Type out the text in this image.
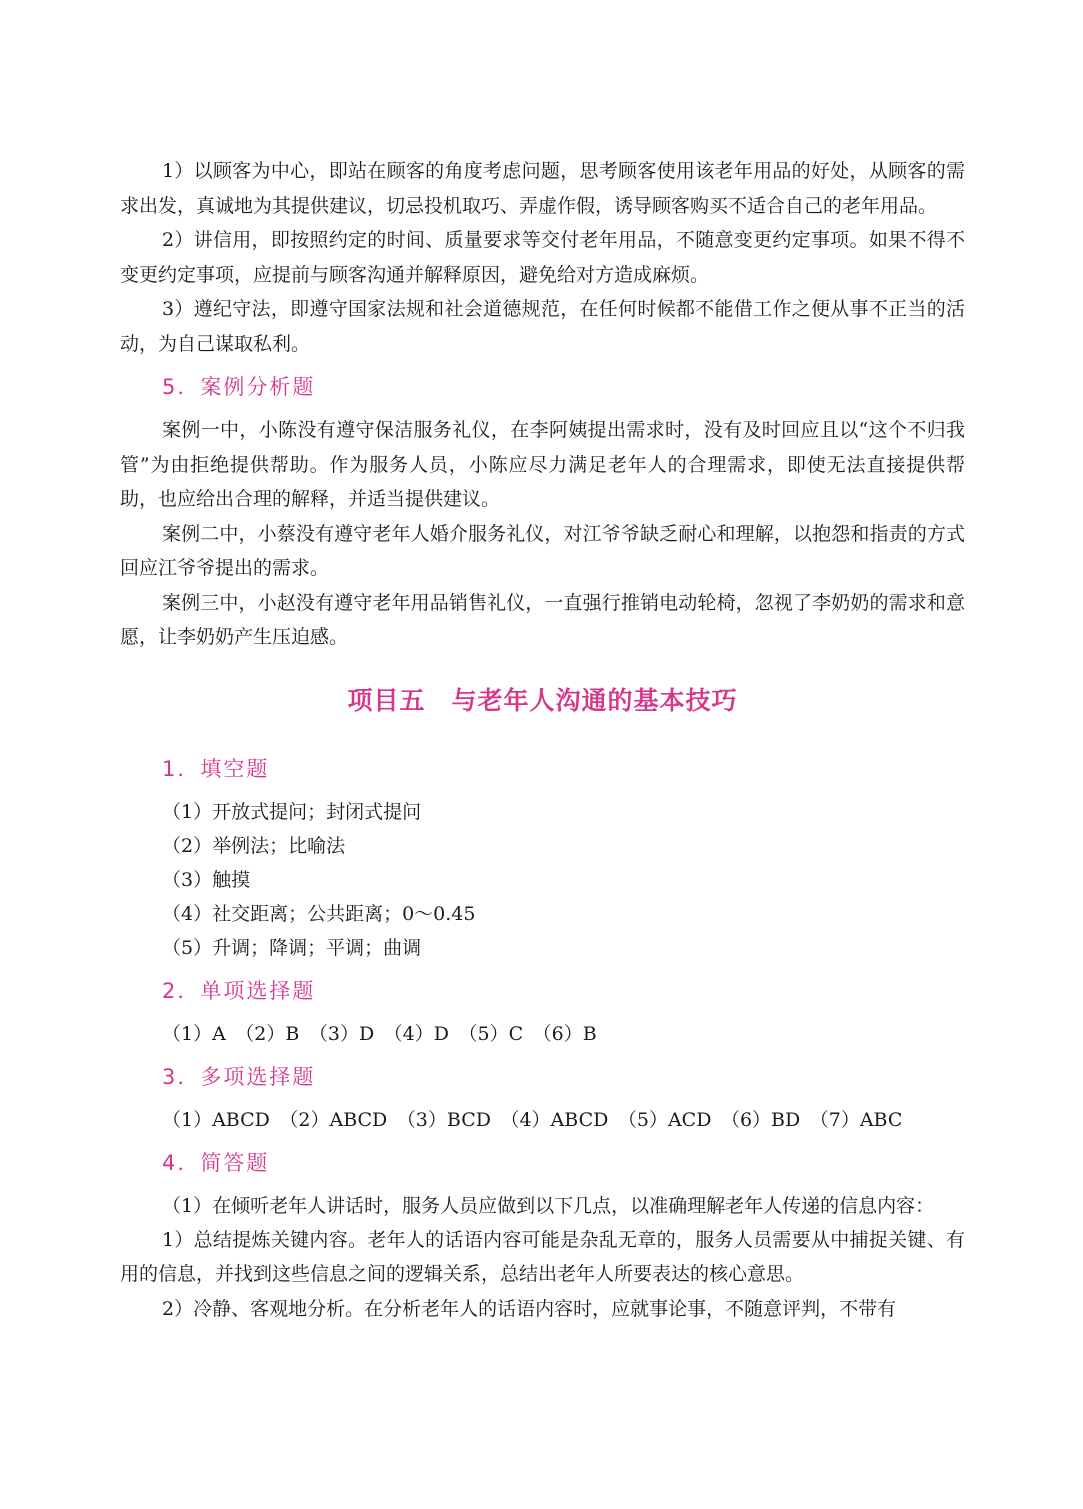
1）以顾客为中心，即站在顾客的角度考虑问题，思考顾客使用该老年用品的好处，从顾客的需求出发，真诚地为其提供建议，切忌投机取巧、弄虚作假，诱导顾客购买不适合自己的老年用品。

2）讲信用，即按照约定的时间、质量要求等交付老年用品，不随意变更约定事项。如果不得不变更约定事项，应提前与顾客沟通并解释原因，避免给对方造成麻烦。

3）遵纪守法，即遵守国家法规和社会道德规范，在任何时候都不能借工作之便从事不正当的活动，为自己谋取私利。

5．案例分析题

案例一中，小陈没有遵守保洁服务礼仪，在李阿姨提出需求时，没有及时回应且以“这个不归我管”为由拒绝提供帮助。作为服务人员，小陈应尽力满足老年人的合理需求，即使无法直接提供帮助，也应给出合理的解释，并适当提供建议。

案例二中，小蔡没有遵守老年人婚介服务礼仪，对江爷爷缺乏耐心和理解，以抱怨和指责的方式回应江爷爷提出的需求。

案例三中，小赵没有遵守老年用品销售礼仪，一直强行推销电动轮椅，忽视了李奶奶的需求和意愿，让李奶奶产生压迫感。

项目五　与老年人沟通的基本技巧
1．填空题

（1）开放式提问；封闭式提问

（2）举例法；比喻法

（3）触摸

（4）社交距离；公共距离；0～0.45

（5）升调；降调；平调；曲调

2．单项选择题

（1）A　（2）B　（3）D　（4）D　（5）C　（6）B

3．多项选择题

（1）ABCD　（2）ABCD　（3）BCD　（4）ABCD　（5）ACD　（6）BD　（7）ABC

4．简答题

（1）在倾听老年人讲话时，服务人员应做到以下几点，以准确理解老年人传递的信息内容：

1）总结提炼关键内容。老年人的话语内容可能是杂乱无章的，服务人员需要从中捕捉关键、有用的信息，并找到这些信息之间的逻辑关系，总结出老年人所要表达的核心意思。

2）冷静、客观地分析。在分析老年人的话语内容时，应就事论事，不随意评判，不带有
